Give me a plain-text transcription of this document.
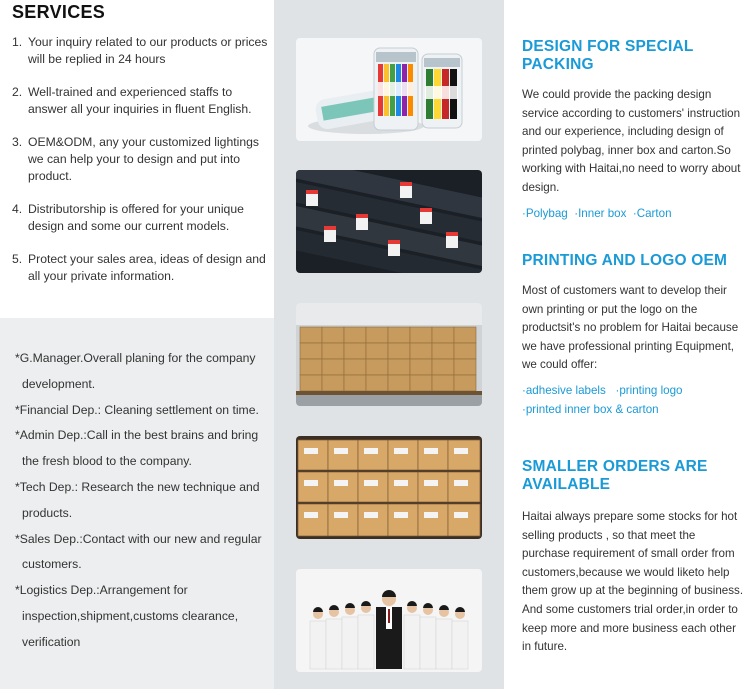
SERVICES
1. Your inquiry related to our products or prices will be replied in 24 hours
2. Well-trained and experienced staffs to answer all your inquiries in fluent English.
3. OEM&ODM, any your customized lightings we can help your to design and put into product.
4. Distributorship is offered for your unique design and some our current models.
5. Protect your sales area, ideas of design and all your private information.
*G.Manager.Overall planing for the company development.
*Financial Dep.: Cleaning settlement on time.
*Admin Dep.:Call in the best brains and bring the fresh blood to the company.
*Tech Dep.: Research the new technique and products.
*Sales Dep.:Contact with our new and regular customers.
*Logistics Dep.:Arrangement for inspection,shipment,customs clearance, verification
DESIGN FOR SPECIAL PACKING

We could provide the packing design service according to customers' instruction and our experience, including design of printed polybag, inner box and carton.So working with Haitai,no need to worry about design.

·Polybag ·Inner box ·Carton
PRINTING AND LOGO OEM

Most of customers want to develop their own printing or put the logo on the productsit's no problem for Haitai because we have professional printing Equipment, we could offer:

·adhesive labels ·printing logo
·printed inner box & carton
SMALLER ORDERS ARE AVAILABLE

Haitai always prepare some stocks for hot selling products , so that meet the purchase requirement of small order from customers,because we would liketo help them grow up at the beginning of business. And some customers trial order,in order to keep more and more business each other in future.
